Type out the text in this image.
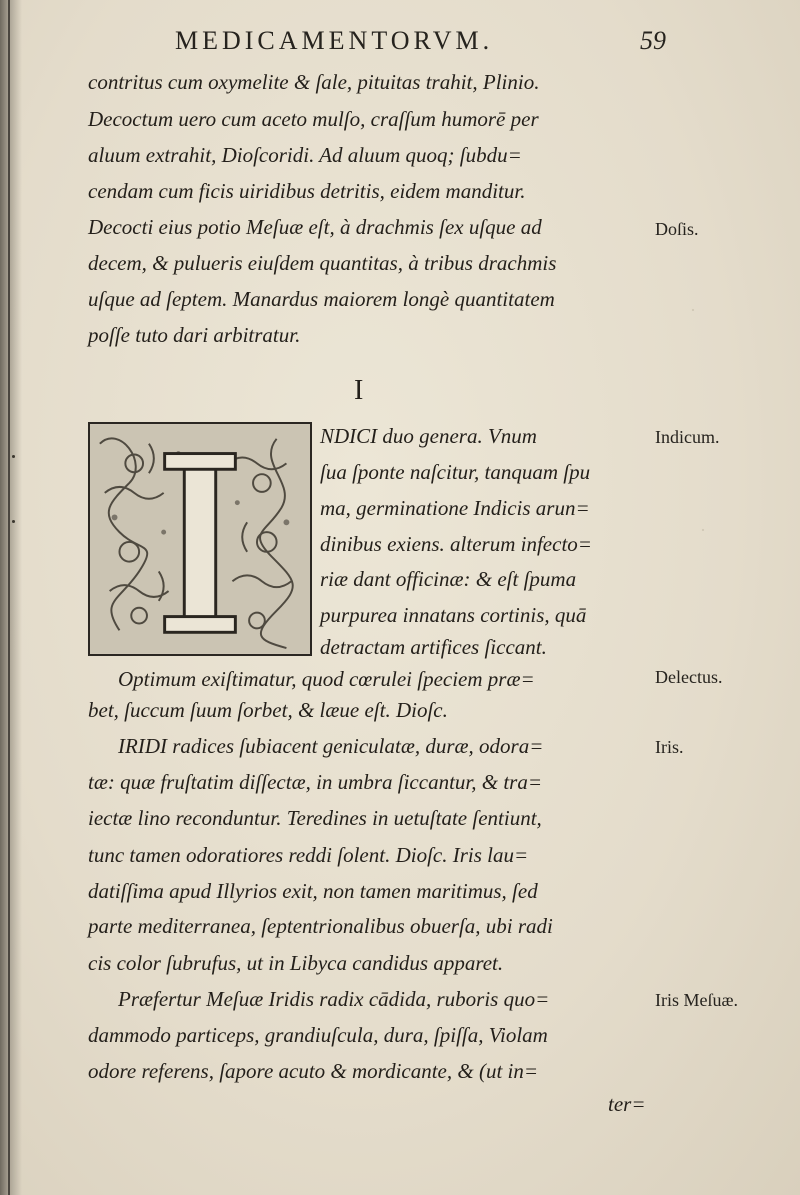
·
·
MEDICAMENTORVM.	59
contritus cum oxymelite & ſale, pituitas trahit, Plinio.
Decoctum uero cum aceto mulſo, craſſum humorē per
aluum extrahit, Dioſcoridi. Ad aluum quoq; ſubdu=
cendam cum ficis uiridibus detritis, eidem manditur.
Decocti eius potio Meſuæ eſt, à drachmis ſex uſque ad
decem, & pulueris eiuſdem quantitas, à tribus drachmis
uſque ad ſeptem. Manardus maiorem longè quantitatem
poſſe tuto dari arbitratur.
Doſis.
I
NDICI duo genera. Vnum
ſua ſponte naſcitur, tanquam ſpu
ma, germinatione Indicis arun=
dinibus exiens. alterum infecto=
riæ dant officinæ: & eſt ſpuma
purpurea innatans cortinis, quā
detractam artifices ſiccant.
Indicum.
Optimum exiſtimatur, quod cœrulei ſpeciem præ=
bet, ſuccum ſuum ſorbet, & læue eſt. Dioſc.
IRIDI radices ſubiacent geniculatæ, duræ, odora=
tæ: quæ fruſtatim diſſectæ, in umbra ſiccantur, & tra=
iectæ lino reconduntur. Teredines in uetuſtate ſentiunt,
tunc tamen odoratiores reddi ſolent. Dioſc. Iris lau=
datiſſima apud Illyrios exit, non tamen maritimus, ſed
parte mediterranea, ſeptentrionalibus obuerſa, ubi radi
cis color ſubrufus, ut in Libyca candidus apparet.
Præfertur Meſuæ Iridis radix cādida, ruboris quo=
dammodo particeps, grandiuſcula, dura, ſpiſſa, Violam
odore referens, ſapore acuto & mordicante, & (ut in=
ter=
Delectus.
Iris.
Iris Meſuæ.
